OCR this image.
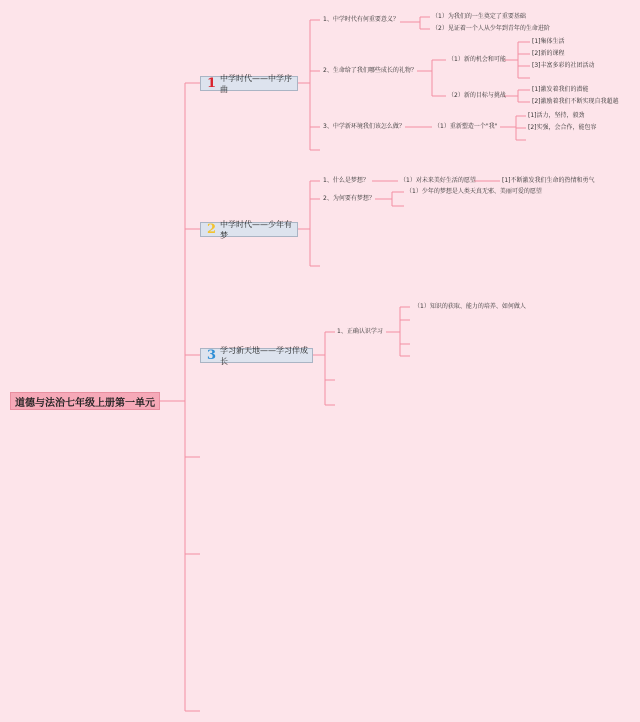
道德与法治七年级上册第一单元
1 中学时代——中学序曲
1、中学时代有何重要意义？	（1）为我们的一生奠定了重要基础
（2）见证着一个人从少年到青年的生命进阶
2、生命给了我们哪些成长的礼物？
（1）新的机会和可能
[1]集体生活
[2]新的课程
[3]丰富多彩的社团活动
（2）新的目标与挑战
[1]激发着我们的潜能
[2]激励着我们不断实现自我超越
3、中学新环境我们该怎么做？	（1）重新塑造一个"我"
[1]活力，坚持，毅劲
[2]实强，会合作，能包容
2 中学时代——少年有梦
1、什么是梦想？	（1）对未来美好生活的愿望	[1]不断激发我们生命的热情和勇气
2、为何要有梦想？
（1）少年的梦想是人类天真无邪、美丽可爱的愿望
3 学习新天地——学习伴成长
1、正确认识学习
（1）知识的获取、能力的培养、如何做人
